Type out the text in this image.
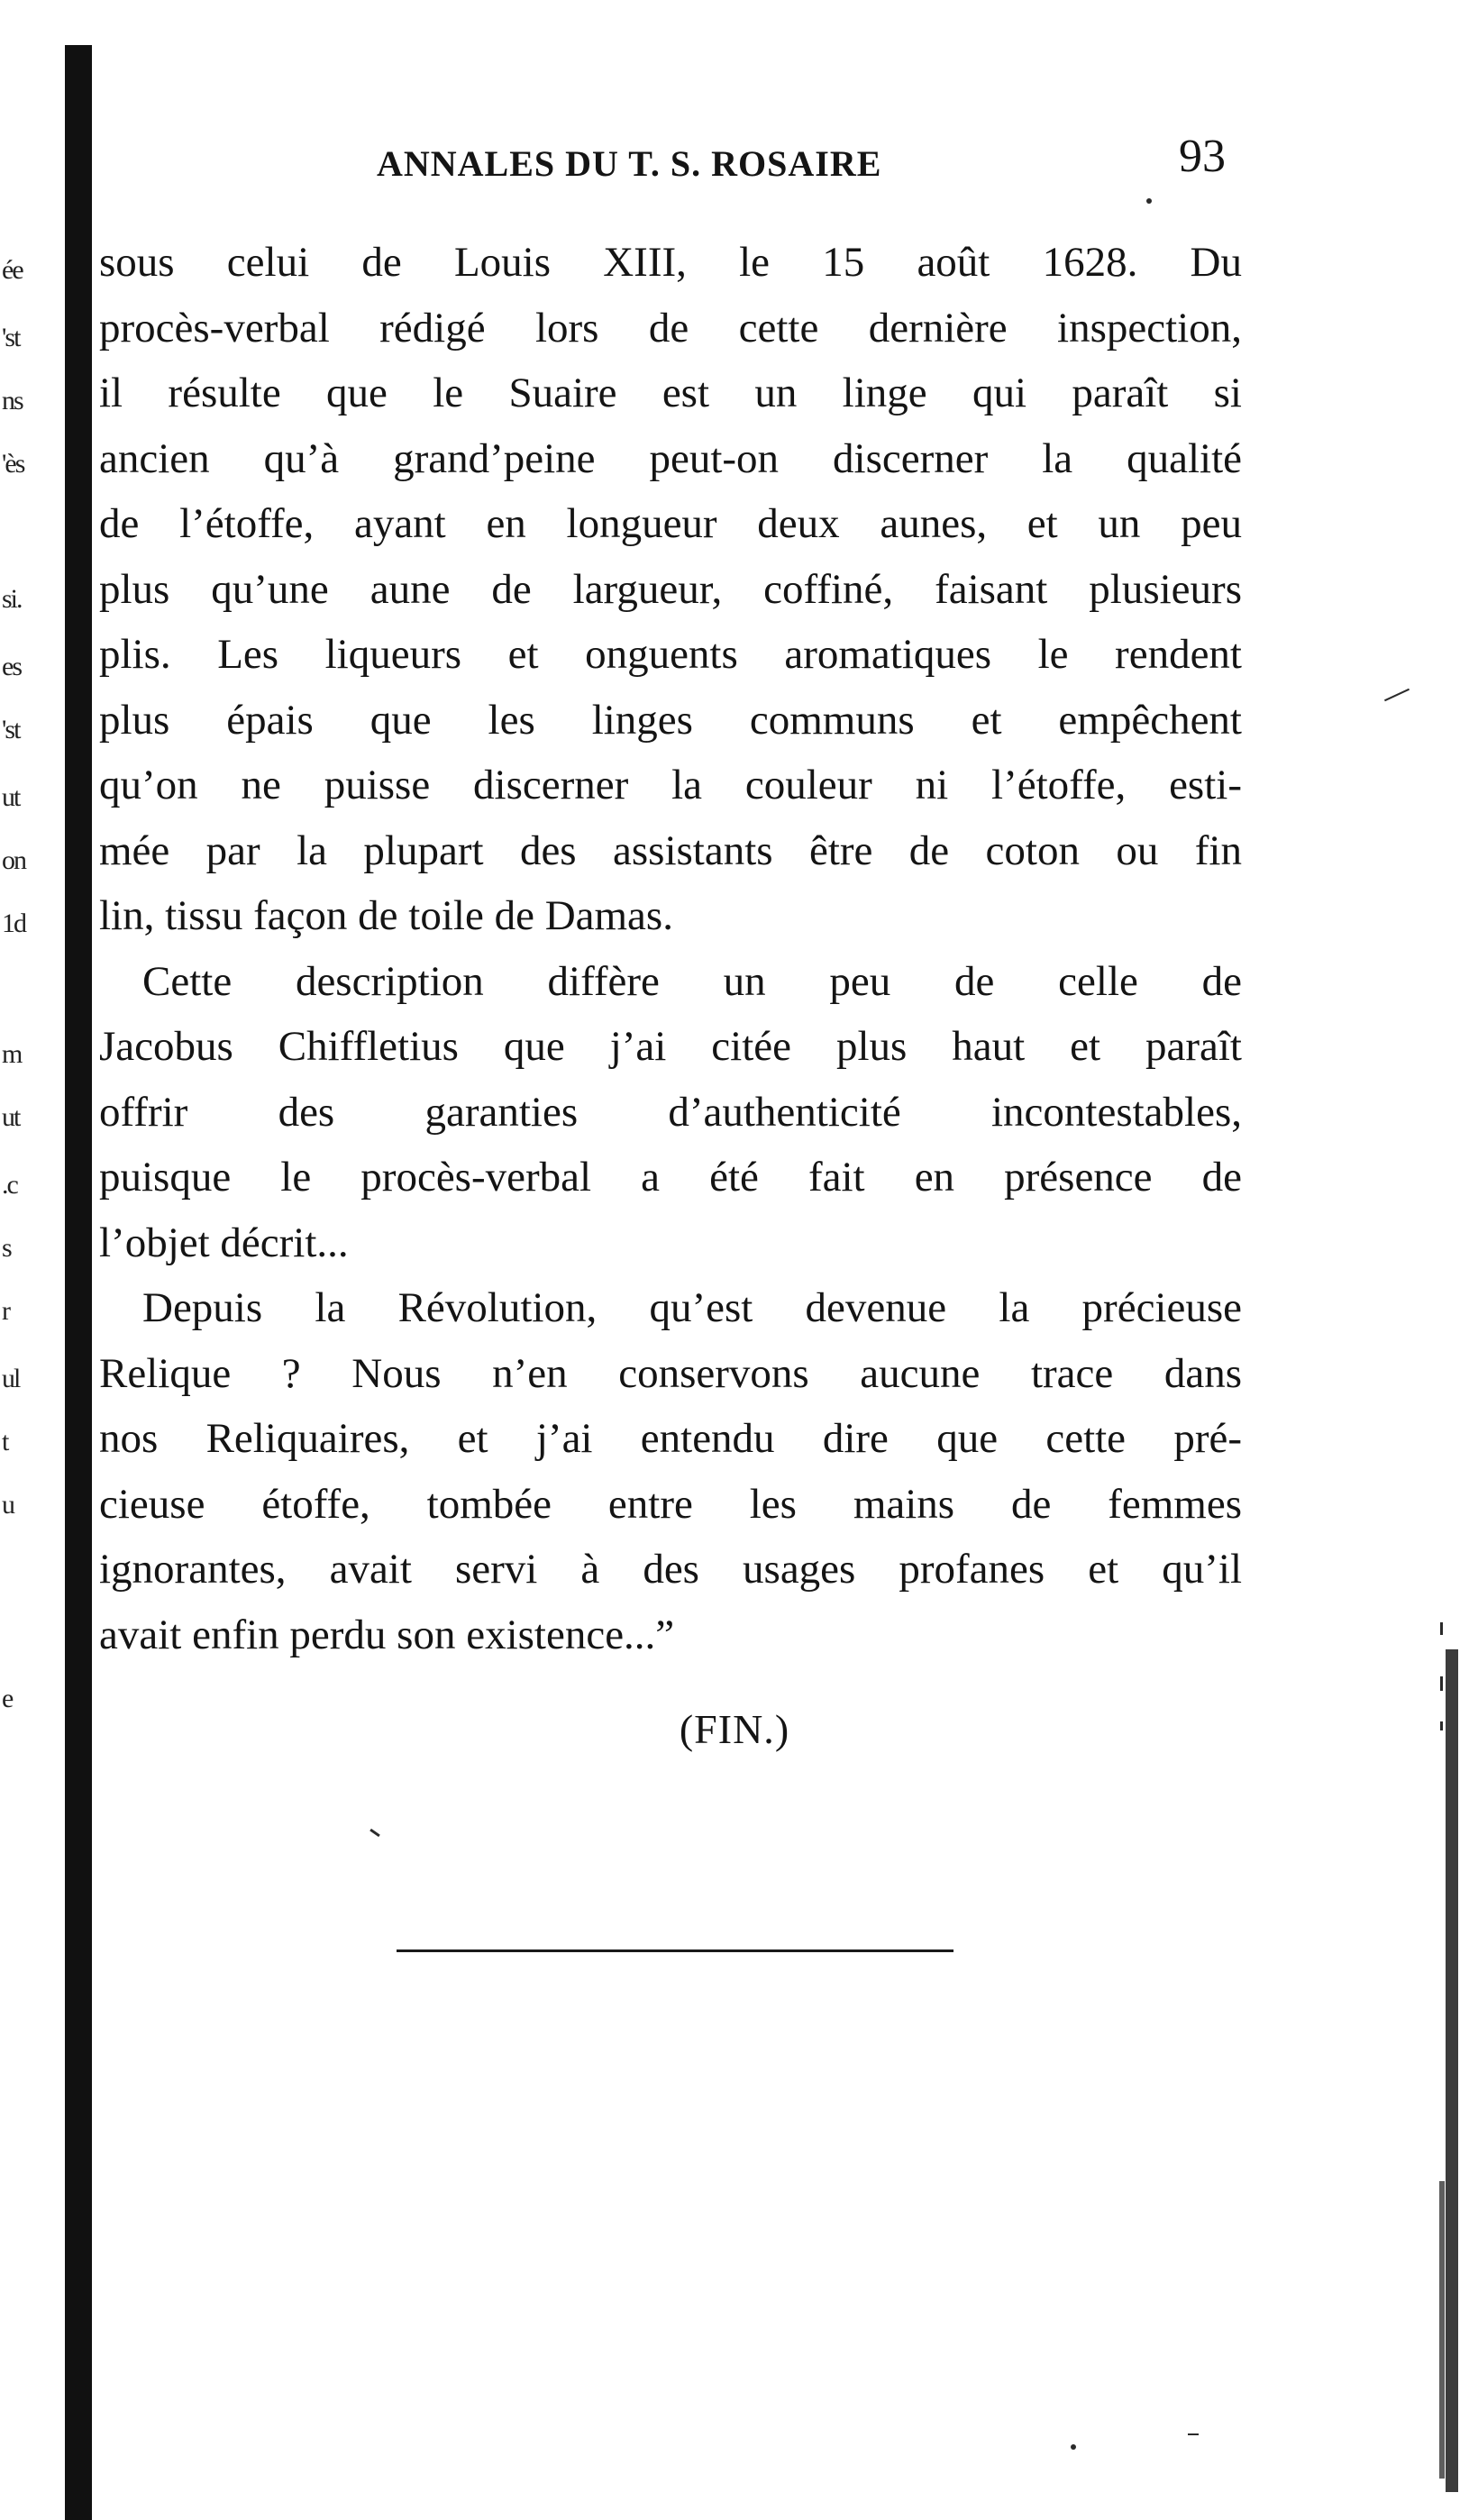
ée
'st
ns
'ès
si.
es
'st
ut
on
1d
m
ut
.c
s
r
ul
t
u
e
ANNALES DU T. S. ROSAIRE	93
sous celui de Louis XIII, le 15 août 1628. Du
procès-verbal rédigé lors de cette dernière inspection,
il résulte que le Suaire est un linge qui paraît si
ancien qu’à grand’peine peut-on discerner la qualité
de l’étoffe, ayant en longueur deux aunes, et un peu
plus qu’une aune de largueur, coffiné, faisant plusieurs
plis. Les liqueurs et onguents aromatiques le rendent
plus épais que les linges communs et empêchent
qu’on ne puisse discerner la couleur ni l’étoffe, esti-
mée par la plupart des assistants être de coton ou fin
lin, tissu façon de toile de Damas.
Cette description diffère un peu de celle de
Jacobus Chiffletius que j’ai citée plus haut et paraît
offrir des garanties d’authenticité incontestables,
puisque le procès-verbal a été fait en présence de
l’objet décrit...
Depuis la Révolution, qu’est devenue la précieuse
Relique ? Nous n’en conservons aucune trace dans
nos Reliquaires, et j’ai entendu dire que cette pré-
cieuse étoffe, tombée entre les mains de femmes
ignorantes, avait servi à des usages profanes et qu’il
avait enfin perdu son existence...”
(FIN.)
